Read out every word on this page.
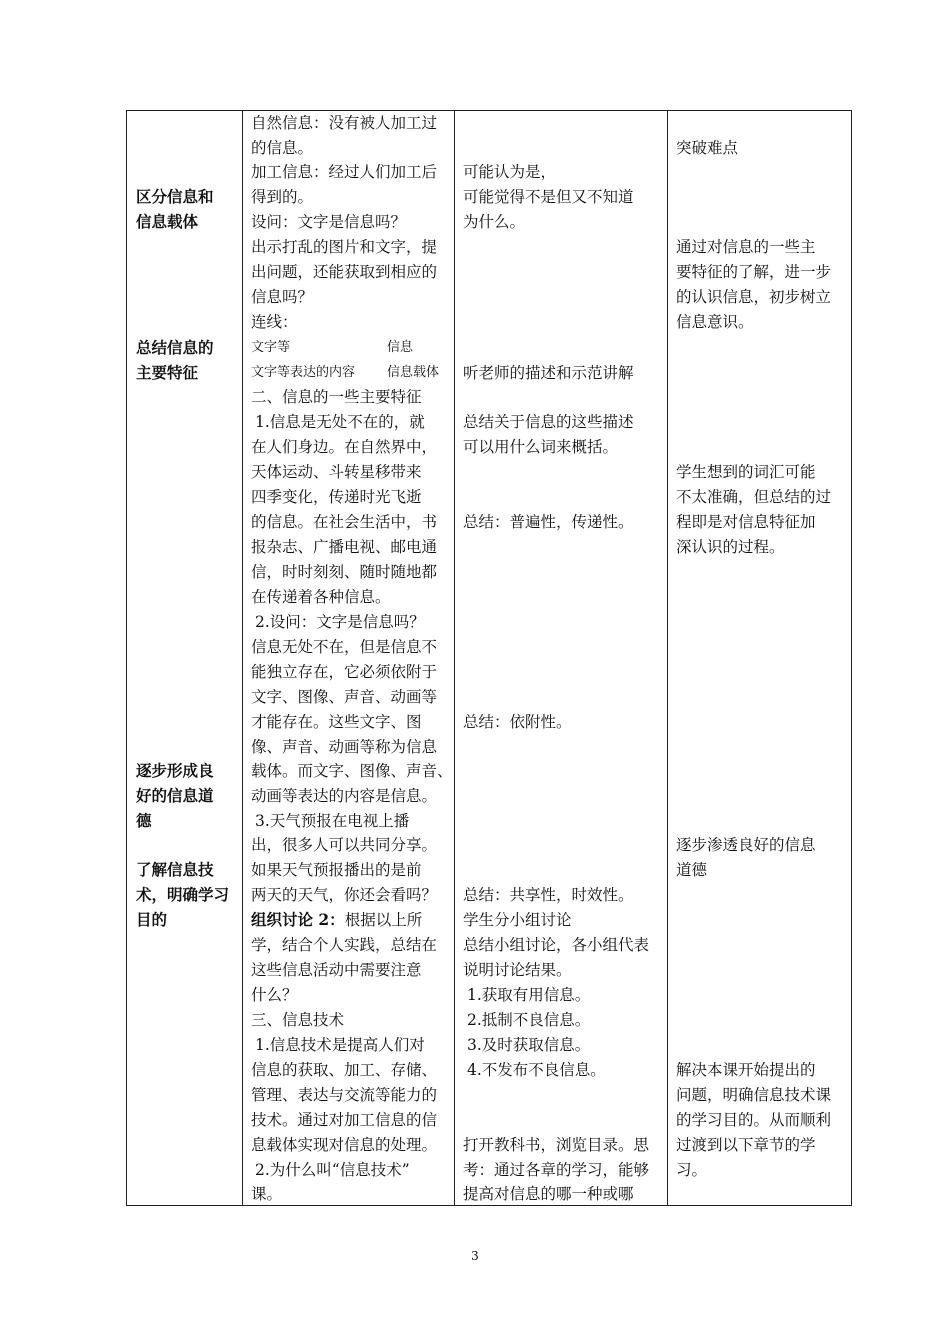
区分信息和
信息载体
总结信息的
主要特征
逐步形成良
好的信息道
德
了解信息技
术，明确学习
目的
自然信息：没有被人加工过
的信息。
加工信息：经过人们加工后
得到的。
设问：文字是信息吗？
出示打乱的图片和文字，提
出问题，还能获取到相应的
信息吗？
连线：
文字等	信息
文字等表达的内容	信息载体
二、信息的一些主要特征
1.信息是无处不在的，就
在人们身边。在自然界中，
天体运动、斗转星移带来
四季变化，传递时光飞逝
的信息。在社会生活中，书
报杂志、广播电视、邮电通
信，时时刻刻、随时随地都
在传递着各种信息。
2.设问：文字是信息吗？
信息无处不在，但是信息不
能独立存在，它必须依附于
文字、图像、声音、动画等
才能存在。这些文字、图
像、声音、动画等称为信息
载体。而文字、图像、声音、
动画等表达的内容是信息。
3.天气预报在电视上播
出，很多人可以共同分享。
如果天气预报播出的是前
两天的天气，你还会看吗？
组织讨论 2：根据以上所
学，结合个人实践，总结在
这些信息活动中需要注意
什么？
三、信息技术
1.信息技术是提高人们对
信息的获取、加工、存储、
管理、表达与交流等能力的
技术。通过对加工信息的信
息载体实现对信息的处理。
2.为什么叫“信息技术”
课。
可能认为是，
可能觉得不是但又不知道
为什么。
听老师的描述和示范讲解
总结关于信息的这些描述
可以用什么词来概括。
总结：普遍性，传递性。
总结：依附性。
总结：共享性，时效性。
学生分小组讨论
总结小组讨论，各小组代表
说明讨论结果。
1.获取有用信息。
2.抵制不良信息。
3.及时获取信息。
4.不发布不良信息。
打开教科书，浏览目录。思
考：通过各章的学习，能够
提高对信息的哪一种或哪
突破难点
通过对信息的一些主
要特征的了解，进一步
的认识信息，初步树立
信息意识。
学生想到的词汇可能
不太准确，但总结的过
程即是对信息特征加
深认识的过程。
逐步渗透良好的信息
道德
解决本课开始提出的
问题，明确信息技术课
的学习目的。从而顺利
过渡到以下章节的学
习。
3
